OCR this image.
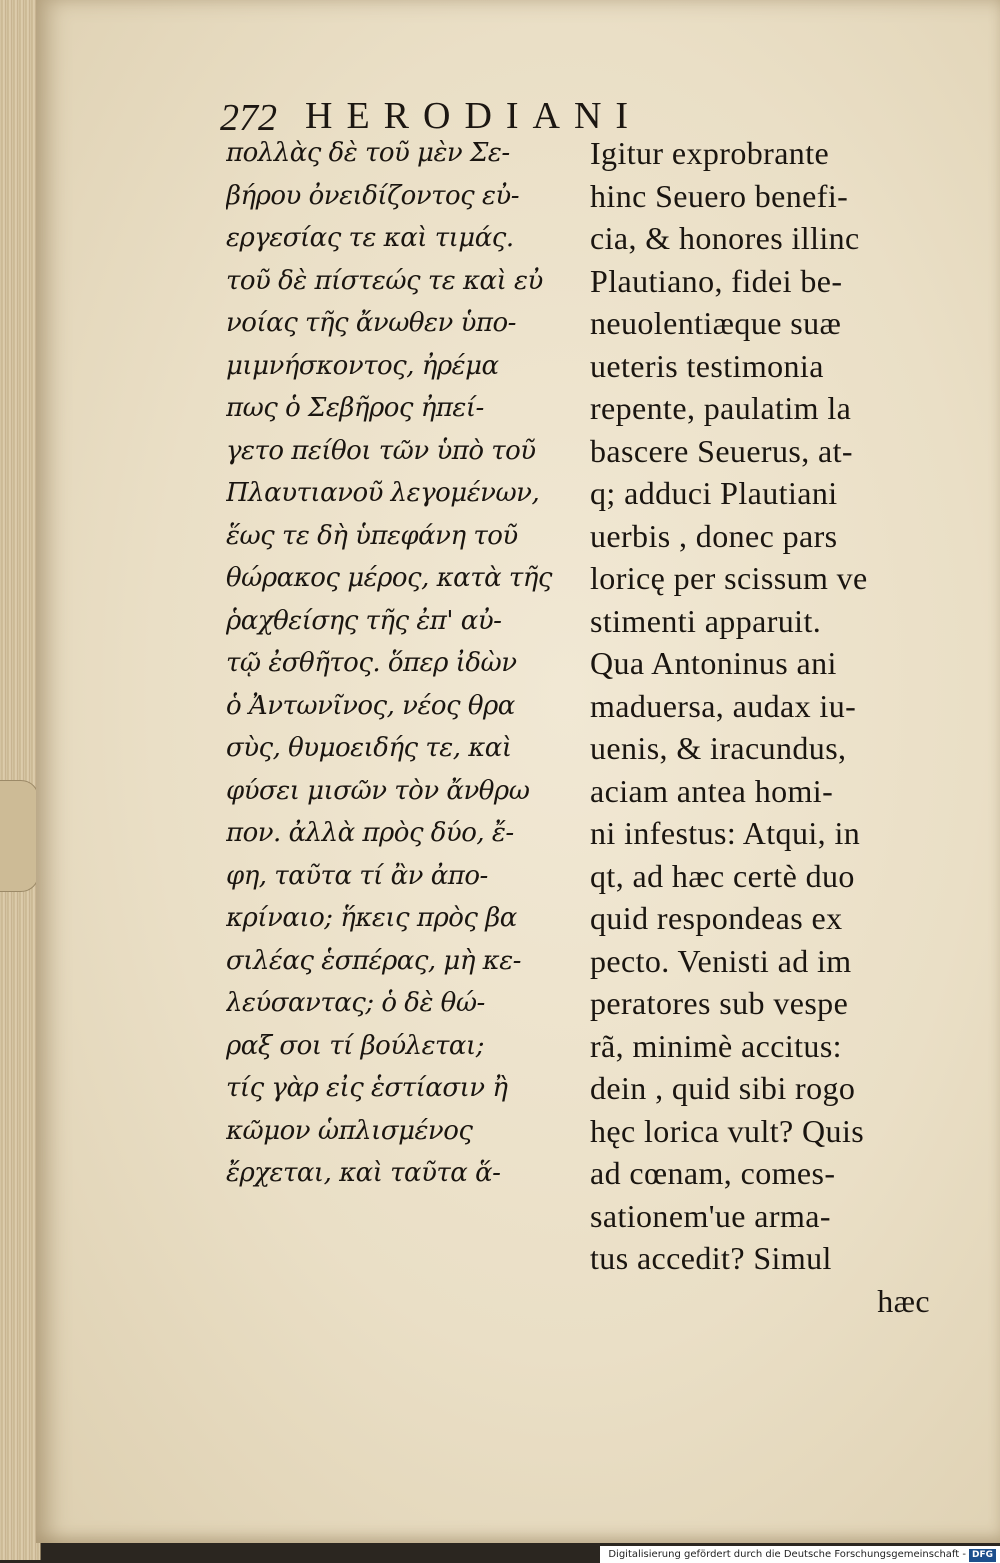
272 HERODIANI
πολλὰς δὲ τοῦ μὲν Σε-
βήρου ὀνειδίζοντος εὐ-
εργεσίας τε καὶ τιμάς.
τοῦ δὲ πίστεώς τε καὶ εὐ
νοίας τῆς ἄνωθεν ὑπο-
μιμνήσκοντος, ἠρέμα
πως ὁ Σεβῆρος ἠπεί-
γετο πείθοι τῶν ὑπὸ τοῦ
Πλαυτιανοῦ λεγομένων,
ἕως τε δὴ ὑπεφάνη τοῦ
θώρακος μέρος, κατὰ τῆς
ῥαχθείσης τῆς ἐπ' αὐ-
τῷ ἐσθῆτος. ὅπερ ἰδὼν
ὁ Ἀντωνῖνος, νέος θρα
σὺς, θυμοειδής τε, καὶ
φύσει μισῶν τὸν ἄνθρω
πον. ἀλλὰ πρὸς δύο, ἔ-
φη, ταῦτα τί ἂν ἀπο-
κρίναιο; ἥκεις πρὸς βα
σιλέας ἑσπέρας, μὴ κε-
λεύσαντας; ὁ δὲ θώ-
ραξ σοι τί βούλεται;
τίς γὰρ εἰς ἑστίασιν ἢ
κῶμον ὡπλισμένος
ἔρχεται, καὶ ταῦτα ἅ-
Igitur exprobrante
hinc Seuero benefi-
cia, & honores illinc
Plautiano, fidei be-
neuolentiæque suæ
ueteris testimonia
repente, paulatim la
bascere Seuerus, at-
q; adduci Plautiani
uerbis , donec pars
loricę per scissum ve
stimenti apparuit.
Qua Antoninus ani
maduersa, audax iu-
uenis, & iracundus,
aciam antea homi-
ni infestus: Atqui, in
qt, ad hæc certè duo
quid respondeas ex
pecto. Venisti ad im
peratores sub vespe
rã, minimè accitus:
dein , quid sibi rogo
hęc lorica vult? Quis
ad cœnam, comes-
sationem'ue arma-
tus accedit? Simul
hæc
Digitalisierung gefördert durch die Deutsche Forschungsgemeinschaft - DFG
